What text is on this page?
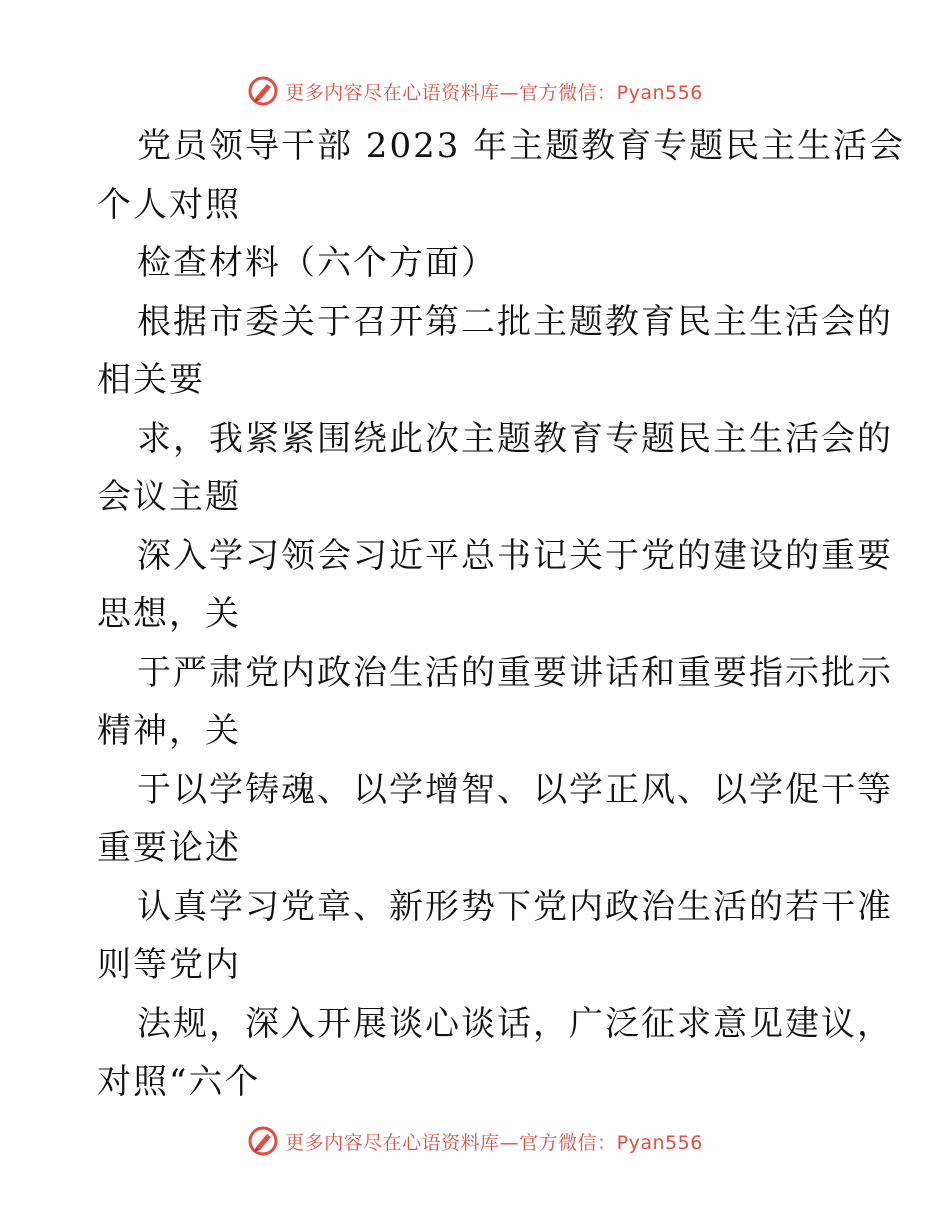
更多内容尽在心语资料库—官方微信：Pyan556
党员领导干部 2023 年主题教育专题民主生活会
个人对照
检查材料（六个方面）
根据市委关于召开第二批主题教育民主生活会的
相关要
求，我紧紧围绕此次主题教育专题民主生活会的
会议主题
深入学习领会习近平总书记关于党的建设的重要
思想，关
于严肃党内政治生活的重要讲话和重要指示批示
精神，关
于以学铸魂、以学增智、以学正风、以学促干等
重要论述
认真学习党章、新形势下党内政治生活的若干准
则等党内
法规，深入开展谈心谈话，广泛征求意见建议，
对照“六个
更多内容尽在心语资料库—官方微信：Pyan556
